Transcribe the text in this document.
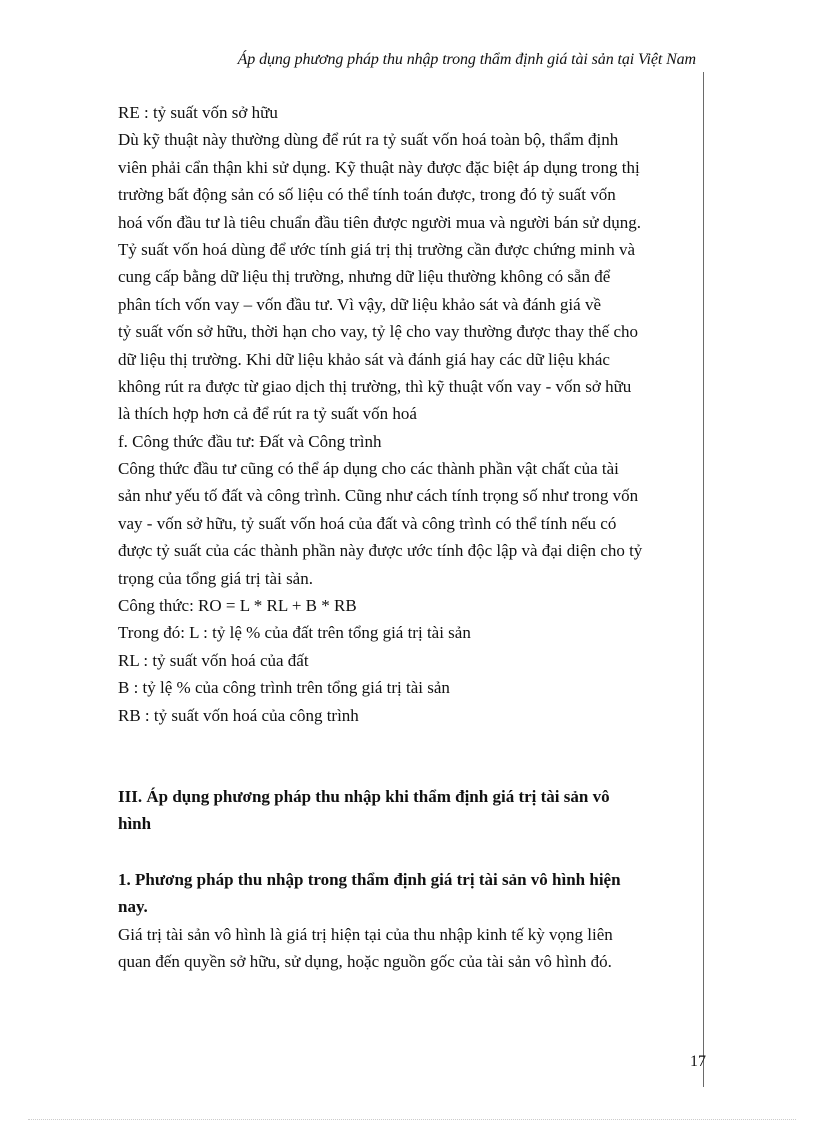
Áp dụng phương pháp thu nhập trong thẩm định giá tài sản tại Việt Nam
RE : tỷ suất vốn sở hữu
Dù kỹ thuật này thường dùng để rút ra tỷ suất vốn hoá toàn bộ, thẩm định
viên phải cẩn thận khi sử dụng. Kỹ thuật này được đặc biệt áp dụng trong thị
trường bất động sản có số liệu có thể tính toán được, trong đó tỷ suất vốn
hoá vốn đầu tư là tiêu chuẩn đầu tiên được người mua và người bán sử dụng.
Tỷ suất vốn hoá dùng để ước tính giá trị thị trường cần được chứng minh và
cung cấp bằng dữ liệu thị trường, nhưng dữ liệu thường không có sẵn để
phân tích vốn vay – vốn đầu tư. Vì vậy, dữ liệu khảo sát và đánh giá về
tỷ suất vốn sở hữu, thời hạn cho vay, tỷ lệ cho vay thường được thay thế cho
dữ liệu thị trường. Khi dữ liệu khảo sát và đánh giá hay các dữ liệu khác
không rút ra được từ giao dịch thị trường, thì kỹ thuật vốn vay - vốn sở hữu
là thích hợp hơn cả để rút ra tỷ suất vốn hoá
f. Công thức đầu tư: Đất và Công trình
Công thức đầu tư cũng có thể áp dụng cho các thành phần vật chất của tài
sản như yếu tố đất và công trình. Cũng như cách tính trọng số như trong vốn
vay - vốn sở hữu, tỷ suất vốn hoá của đất và công trình có thể tính nếu có
được tỷ suất của các thành phần này được ước tính độc lập và đại diện cho tỷ
trọng của tổng giá trị tài sản.
Công thức: RO = L * RL + B * RB
Trong đó: L : tỷ lệ % của đất trên tổng giá trị tài sản
RL : tỷ suất vốn hoá của đất
B : tỷ lệ % của công trình trên tổng giá trị tài sản
RB : tỷ suất vốn hoá của công trình
III. Áp dụng phương pháp thu nhập khi thẩm định giá trị tài sản vô
hình
1. Phương pháp thu nhập trong thẩm định giá trị tài sản vô hình hiện
nay.
Giá trị tài sản vô hình là giá trị hiện tại của thu nhập kinh tế kỳ vọng liên
quan đến quyền sở hữu, sử dụng, hoặc nguồn gốc của tài sản vô hình đó.
17
